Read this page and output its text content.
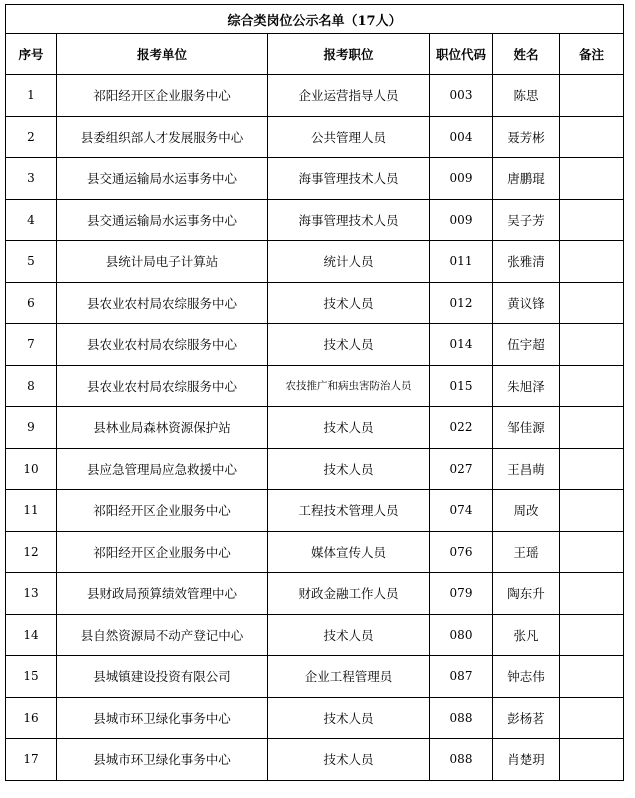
综合类岗位公示名单（17人）					
序号	报考单位	报考职位	职位代码	姓名	备注
1	祁阳经开区企业服务中心	企业运营指导人员	003	陈思	
2	县委组织部人才发展服务中心	公共管理人员	004	聂芳彬	
3	县交通运输局水运事务中心	海事管理技术人员	009	唐鹏琨	
4	县交通运输局水运事务中心	海事管理技术人员	009	吴子芳	
5	县统计局电子计算站	统计人员	011	张雅清	
6	县农业农村局农综服务中心	技术人员	012	黄议锋	
7	县农业农村局农综服务中心	技术人员	014	伍宇超	
8	县农业农村局农综服务中心	农技推广和病虫害防治人员	015	朱旭泽	
9	县林业局森林资源保护站	技术人员	022	邹佳源	
10	县应急管理局应急救援中心	技术人员	027	王昌萌	
11	祁阳经开区企业服务中心	工程技术管理人员	074	周改	
12	祁阳经开区企业服务中心	媒体宣传人员	076	王瑶	
13	县财政局预算绩效管理中心	财政金融工作人员	079	陶东升	
14	县自然资源局不动产登记中心	技术人员	080	张凡	
15	县城镇建设投资有限公司	企业工程管理员	087	钟志伟	
16	县城市环卫绿化事务中心	技术人员	088	彭杨茗	
17	县城市环卫绿化事务中心	技术人员	088	肖楚玥	
